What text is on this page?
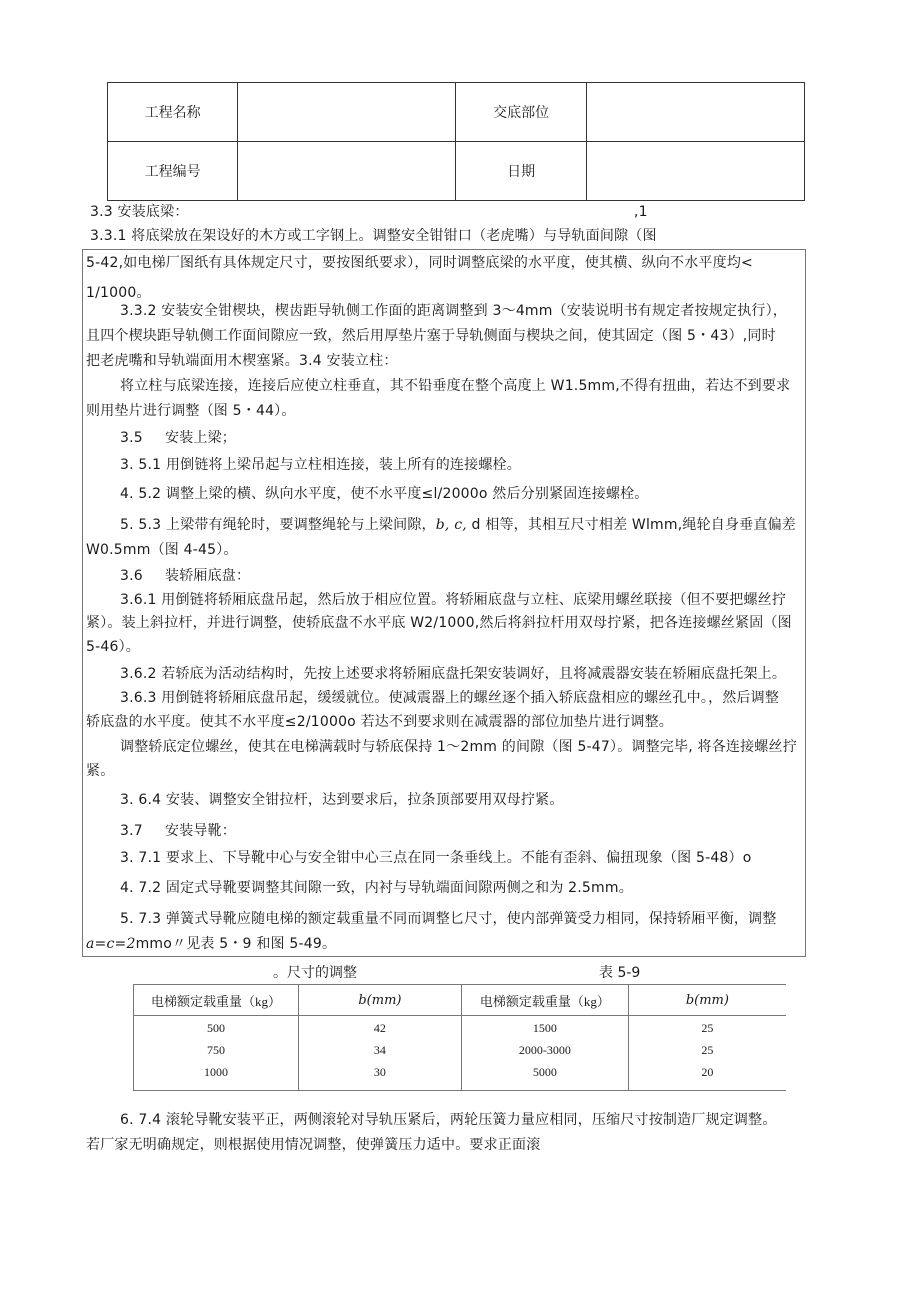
工程名称		交底部位	
工程编号		日期	
3.3 安装底梁：	,1
3.3.1 将底梁放在架设好的木方或工字钢上。调整安全钳钳口（老虎嘴）与导轨面间隙（图
5-42,如电梯厂图纸有具体规定尺寸，要按图纸要求），同时调整底梁的水平度，使其横、纵向不水平度均<
1/1000。
3.3.2 安装安全钳楔块，楔齿距导轨侧工作面的距离调整到 3～4mm（安装说明书有规定者按规定执行），
且四个楔块距导轨侧工作面间隙应一致，然后用厚垫片塞于导轨侧面与楔块之间，使其固定（图 5・43）,同时
把老虎嘴和导轨端面用木楔塞紧。3.4 安装立柱：
将立柱与底梁连接，连接后应使立柱垂直，其不铅垂度在整个高度上 W1.5mm,不得有扭曲，若达不到要求
则用垫片进行调整（图 5・44）。
3.5 安装上梁；
3. 5.1 用倒链将上梁吊起与立柱相连接，装上所有的连接螺栓。
4. 5.2 调整上梁的横、纵向水平度，使不水平度≤l/2000o 然后分别紧固连接螺栓。
5. 5.3 上梁带有绳轮时，要调整绳轮与上梁间隙，b, c, d 相等，其相互尺寸相差 Wlmm,绳轮自身垂直偏差
W0.5mm（图 4-45）。
3.6 装轿厢底盘：
3.6.1 用倒链将轿厢底盘吊起，然后放于相应位置。将轿厢底盘与立柱、底梁用螺丝联接（但不要把螺丝拧
紧）。装上斜拉杆，并进行调整，使轿底盘不水平底 W2/1000,然后将斜拉杆用双母拧紧，把各连接螺丝紧固（图
5-46）。
3.6.2 若轿底为活动结构时，先按上述要求将轿厢底盘托架安装调好，且将减震器安装在轿厢底盘托架上。
3.6.3 用倒链将轿厢底盘吊起，缓缓就位。使减震器上的螺丝逐个插入轿底盘相应的螺丝孔中。，然后调整
轿底盘的水平度。使其不水平度≤2/1000o 若达不到要求则在减震器的部位加垫片进行调整。
调整轿底定位螺丝，使其在电梯满载时与轿底保持 1～2mm 的间隙（图 5-47）。调整完毕, 将各连接螺丝拧
紧。
3. 6.4 安装、调整安全钳拉杆，达到要求后，拉条顶部要用双母拧紧。
3.7 安装导靴：
3. 7.1 要求上、下导靴中心与安全钳中心三点在同一条垂线上。不能有歪斜、偏扭现象（图 5-48）o
4. 7.2 固定式导靴要调整其间隙一致，内衬与导轨端面间隙两侧之和为 2.5mm。
5. 7.3 弹簧式导靴应随电梯的额定载重量不同而调整匕尺寸，使内部弹簧受力相同，保持轿厢平衡，调整
a=c=2mmo〃见表 5・9 和图 5-49。
。尺寸的调整	表 5-9
电梯额定载重量（kg）	b(mm)	电梯额定载重量（kg）	b(mm)
500	42	1500	25
750	34	2000-3000	25
1000	30	5000	20
6. 7.4 滚轮导靴安装平正，两侧滚轮对导轨压紧后，两轮压簧力量应相同，压缩尺寸按制造厂规定调整。
若厂家无明确规定，则根据使用情况调整，使弹簧压力适中。要求正面滚
